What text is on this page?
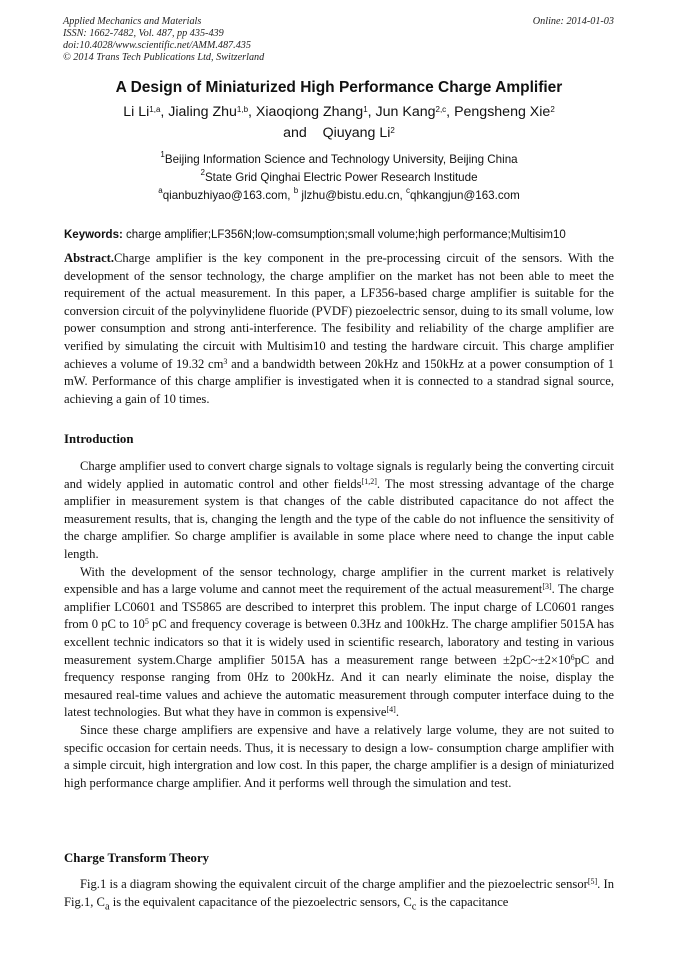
Applied Mechanics and Materials
ISSN: 1662-7482, Vol. 487, pp 435-439
doi:10.4028/www.scientific.net/AMM.487.435
© 2014 Trans Tech Publications Ltd, Switzerland
Online: 2014-01-03
A Design of Miniaturized High Performance Charge Amplifier
Li Li$^{1,a}$, Jialing Zhu$^{1,b}$, Xiaoqiong Zhang$^1$, Jun Kang$^{2,c}$, Pengsheng Xie$^2$
and Qiuyang Li$^2$
$^1$Beijing Information Science and Technology University, Beijing China
$^2$State Grid Qinghai Electric Power Research Institude
$^a$qianbuzhiyao@163.com, $^b$ jlzhu@bistu.edu.cn, $^c$qhkangjun@163.com
Keywords: charge amplifier;LF356N;low-comsumption;small volume;high performance;Multisim10

Abstract.Charge amplifier is the key component in the pre-processing circuit of the sensors. With the development of the sensor technology, the charge amplifier on the market has not been able to meet the requirement of the actual measurement. In this paper, a LF356-based charge amplifier is suitable for the conversion circuit of the polyvinylidene fluoride (PVDF) piezoelectric sensor, duing to its small volume, low power consumption and strong anti-interference. The fesibility and reliability of the charge amplifier are verified by simulating the circuit with Multisim10 and testing the hardware circuit. This charge amplifier achieves a volume of 19.32 $cm^3$ and a bandwidth between 20kHz and 150kHz at a power consumption of 1 mW. Performance of this charge amplifier is investigated when it is connected to a standrad signal source, achieving a gain of 10 times.

Introduction

Charge amplifier used to convert charge signals to voltage signals is regularly being the converting circuit and widely applied in automatic control and other fields[1,2]. The most stressing advantage of the charge amplifier in measurement system is that changes of the cable distributed capacitance do not affect the measurement results, that is, changing the length and the type of the cable do not influence the sensitivity of the charge amplifier. So charge amplifier is available in some place where need to change the input cable length.

With the development of the sensor technology, charge amplifier in the current market is relatively expensible and has a large volume and cannot meet the requirement of the actual measurement[3]. The charge amplifier LC0601 and TS5865 are described to interpret this problem. The input charge of LC0601 ranges from 0 pC to $10^5$ pC and frequency coverage is between 0.3Hz and 100kHz. The charge amplifier 5015A has excellent technic indicators so that it is widely used in scientific research, laboratory and testing in various measurement system.Charge amplifier 5015A has a measurement range between $\pm 2pC\sim\pm 2\times 10^6pC$ and frequency response ranging from 0Hz to 200kHz. And it can nearly eliminate the noise, display the mesaured real-time values and achieve the automatic measurement through computer interface duing to the latest technologies. But what they have in common is expensive[4].

Since these charge amplifiers are expensive and have a relatively large volume, they are not suited to specific occasion for certain needs. Thus, it is necessary to design a low- consumption charge amplifier with a simple circuit, high intergration and low cost. In this paper, the charge amplifier is a design of miniaturized high performance charge amplifier. And it performs well through the simulation and test.

Charge Transform Theory

Fig.1 is a diagram showing the equivalent circuit of the charge amplifier and the piezoelectric sensor[5]. In Fig.1, $C_a$ is the equivalent capacitance of the piezoelectric sensors, $C_c$ is the capacitance
